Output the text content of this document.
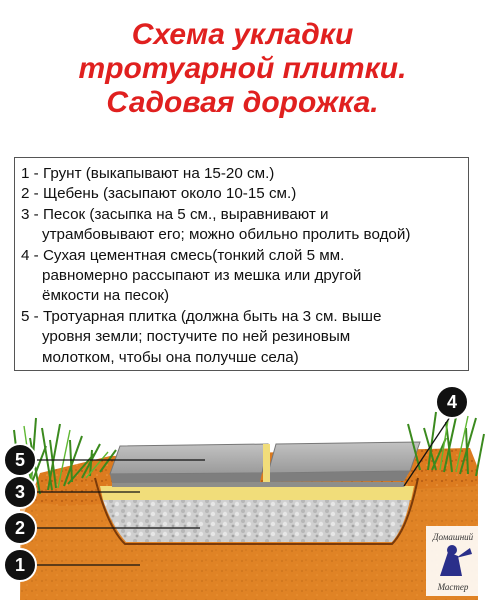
Схема укладки
тротуарной плитки.
Садовая дорожка.
1 - Грунт (выкапывают на 15-20 см.)
2 - Щебень (засыпают около 10-15 см.)
3 - Песок (засыпка на 5 см., выравнивают и
утрамбовывают его; можно обильно пролить водой)
4 - Сухая цементная смесь(тонкий слой 5 мм.
равномерно рассыпают из мешка или другой
ёмкости на песок)
5 - Тротуарная плитка (должна быть на 3 см. выше
уровня земли; постучите по ней резиновым
молотком, чтобы она получше села)
5
3
2
1
4
Домашний
Мастер
